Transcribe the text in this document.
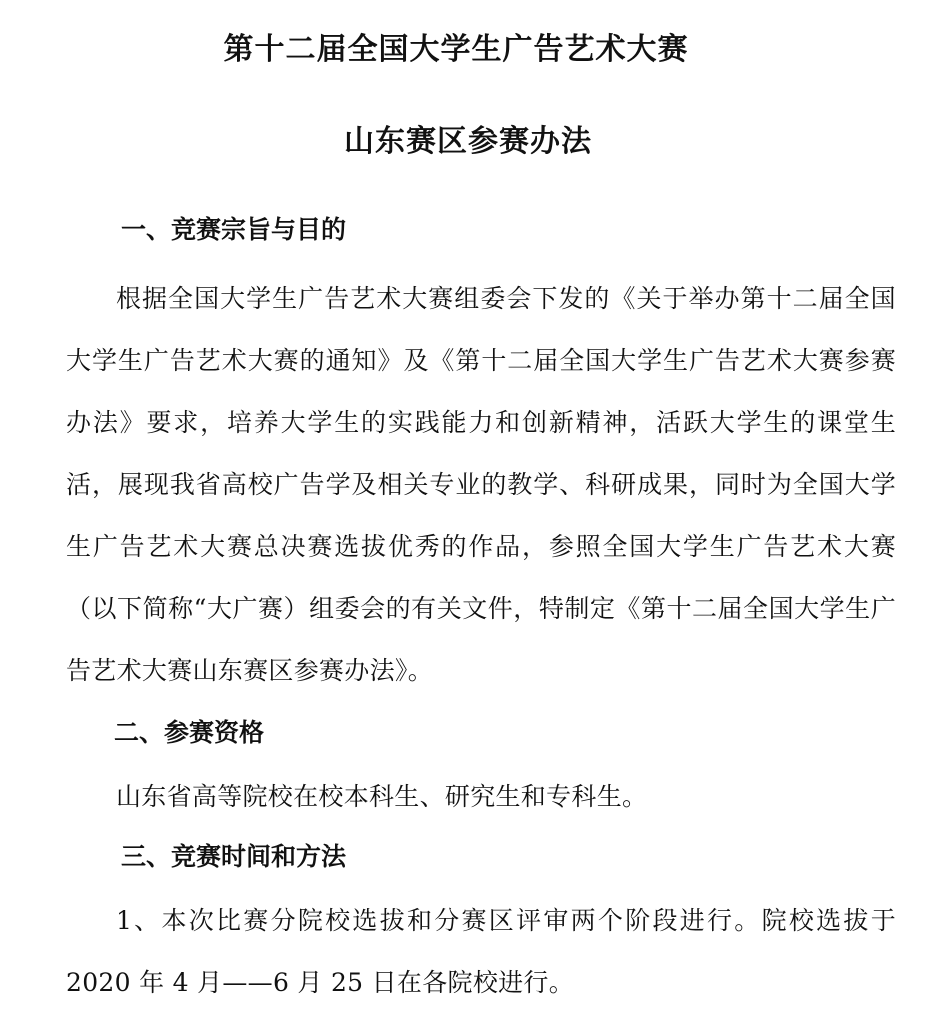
第十二届全国大学生广告艺术大赛
山东赛区参赛办法
一、竞赛宗旨与目的

根据全国大学生广告艺术大赛组委会下发的《关于举办第十二届全国大学生广告艺术大赛的通知》及《第十二届全国大学生广告艺术大赛参赛办法》要求，培养大学生的实践能力和创新精神，活跃大学生的课堂生活，展现我省高校广告学及相关专业的教学、科研成果，同时为全国大学生广告艺术大赛总决赛选拔优秀的作品，参照全国大学生广告艺术大赛（以下简称“大广赛）组委会的有关文件，特制定《第十二届全国大学生广告艺术大赛山东赛区参赛办法》。

二、参赛资格

山东省高等院校在校本科生、研究生和专科生。

三、竞赛时间和方法

1、本次比赛分院校选拔和分赛区评审两个阶段进行。院校选拔于 2020 年 4 月——6 月 25 日在各院校进行。
